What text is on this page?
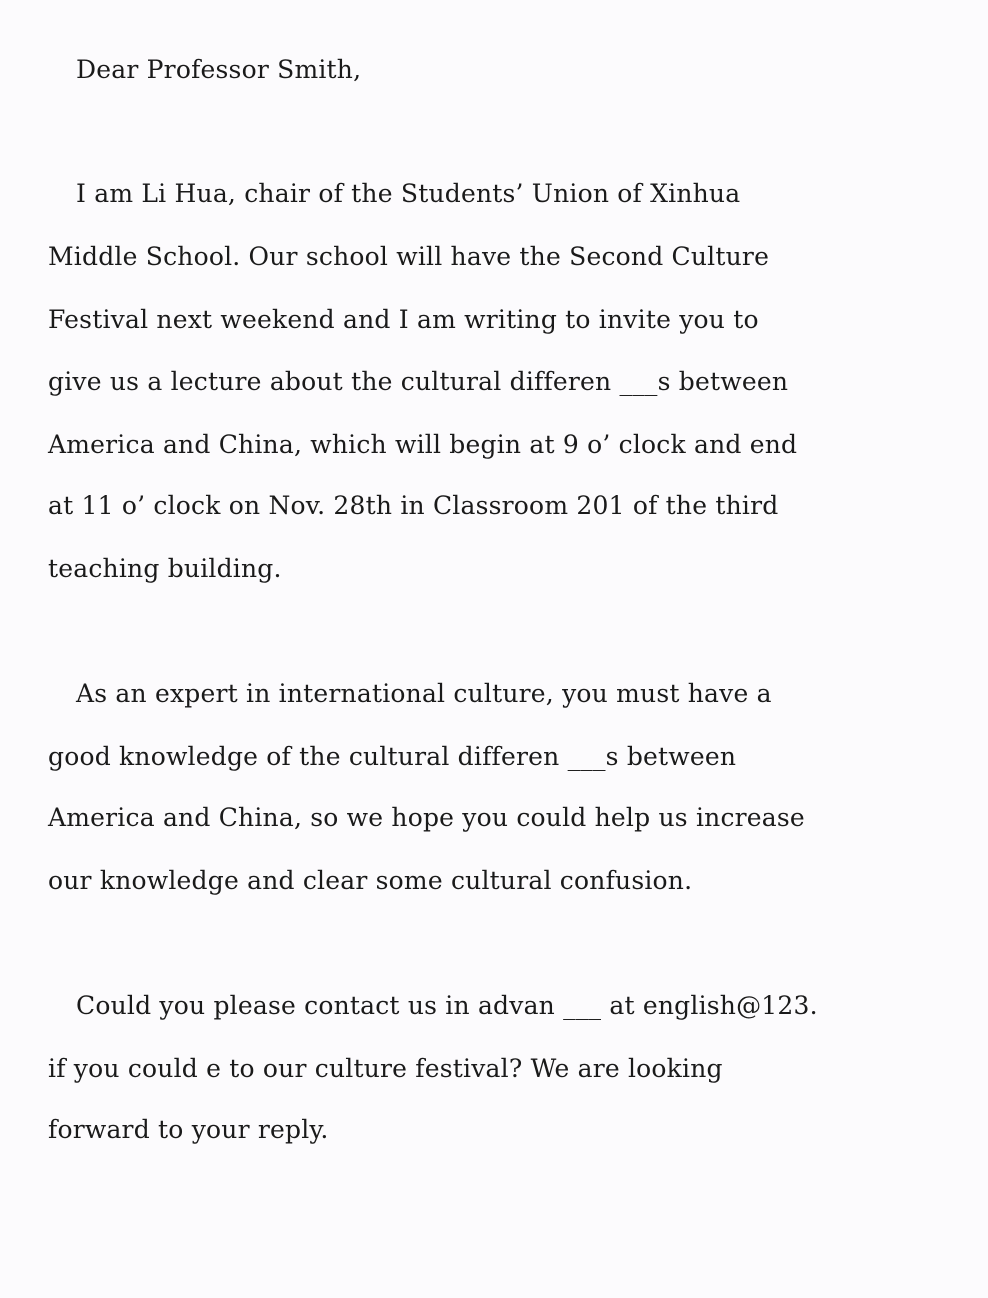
Dear Professor Smith,
I am Li Hua, chair of the Students’ Union of Xinhua
Middle School. Our school will have the Second Culture
Festival next weekend and I am writing to invite you to
give us a lecture about the cultural differen ___s between
America and China, which will begin at 9 o’ clock and end
at 11 o’ clock on Nov. 28th in Classroom 201 of the third
teaching building.
As an expert in international culture, you must have a
good knowledge of the cultural differen ___s between
America and China, so we hope you could help us increase
our knowledge and clear some cultural confusion.
Could you please contact us in advan ___ at english@123.
if you could e to our culture festival? We are looking
forward to your reply.
